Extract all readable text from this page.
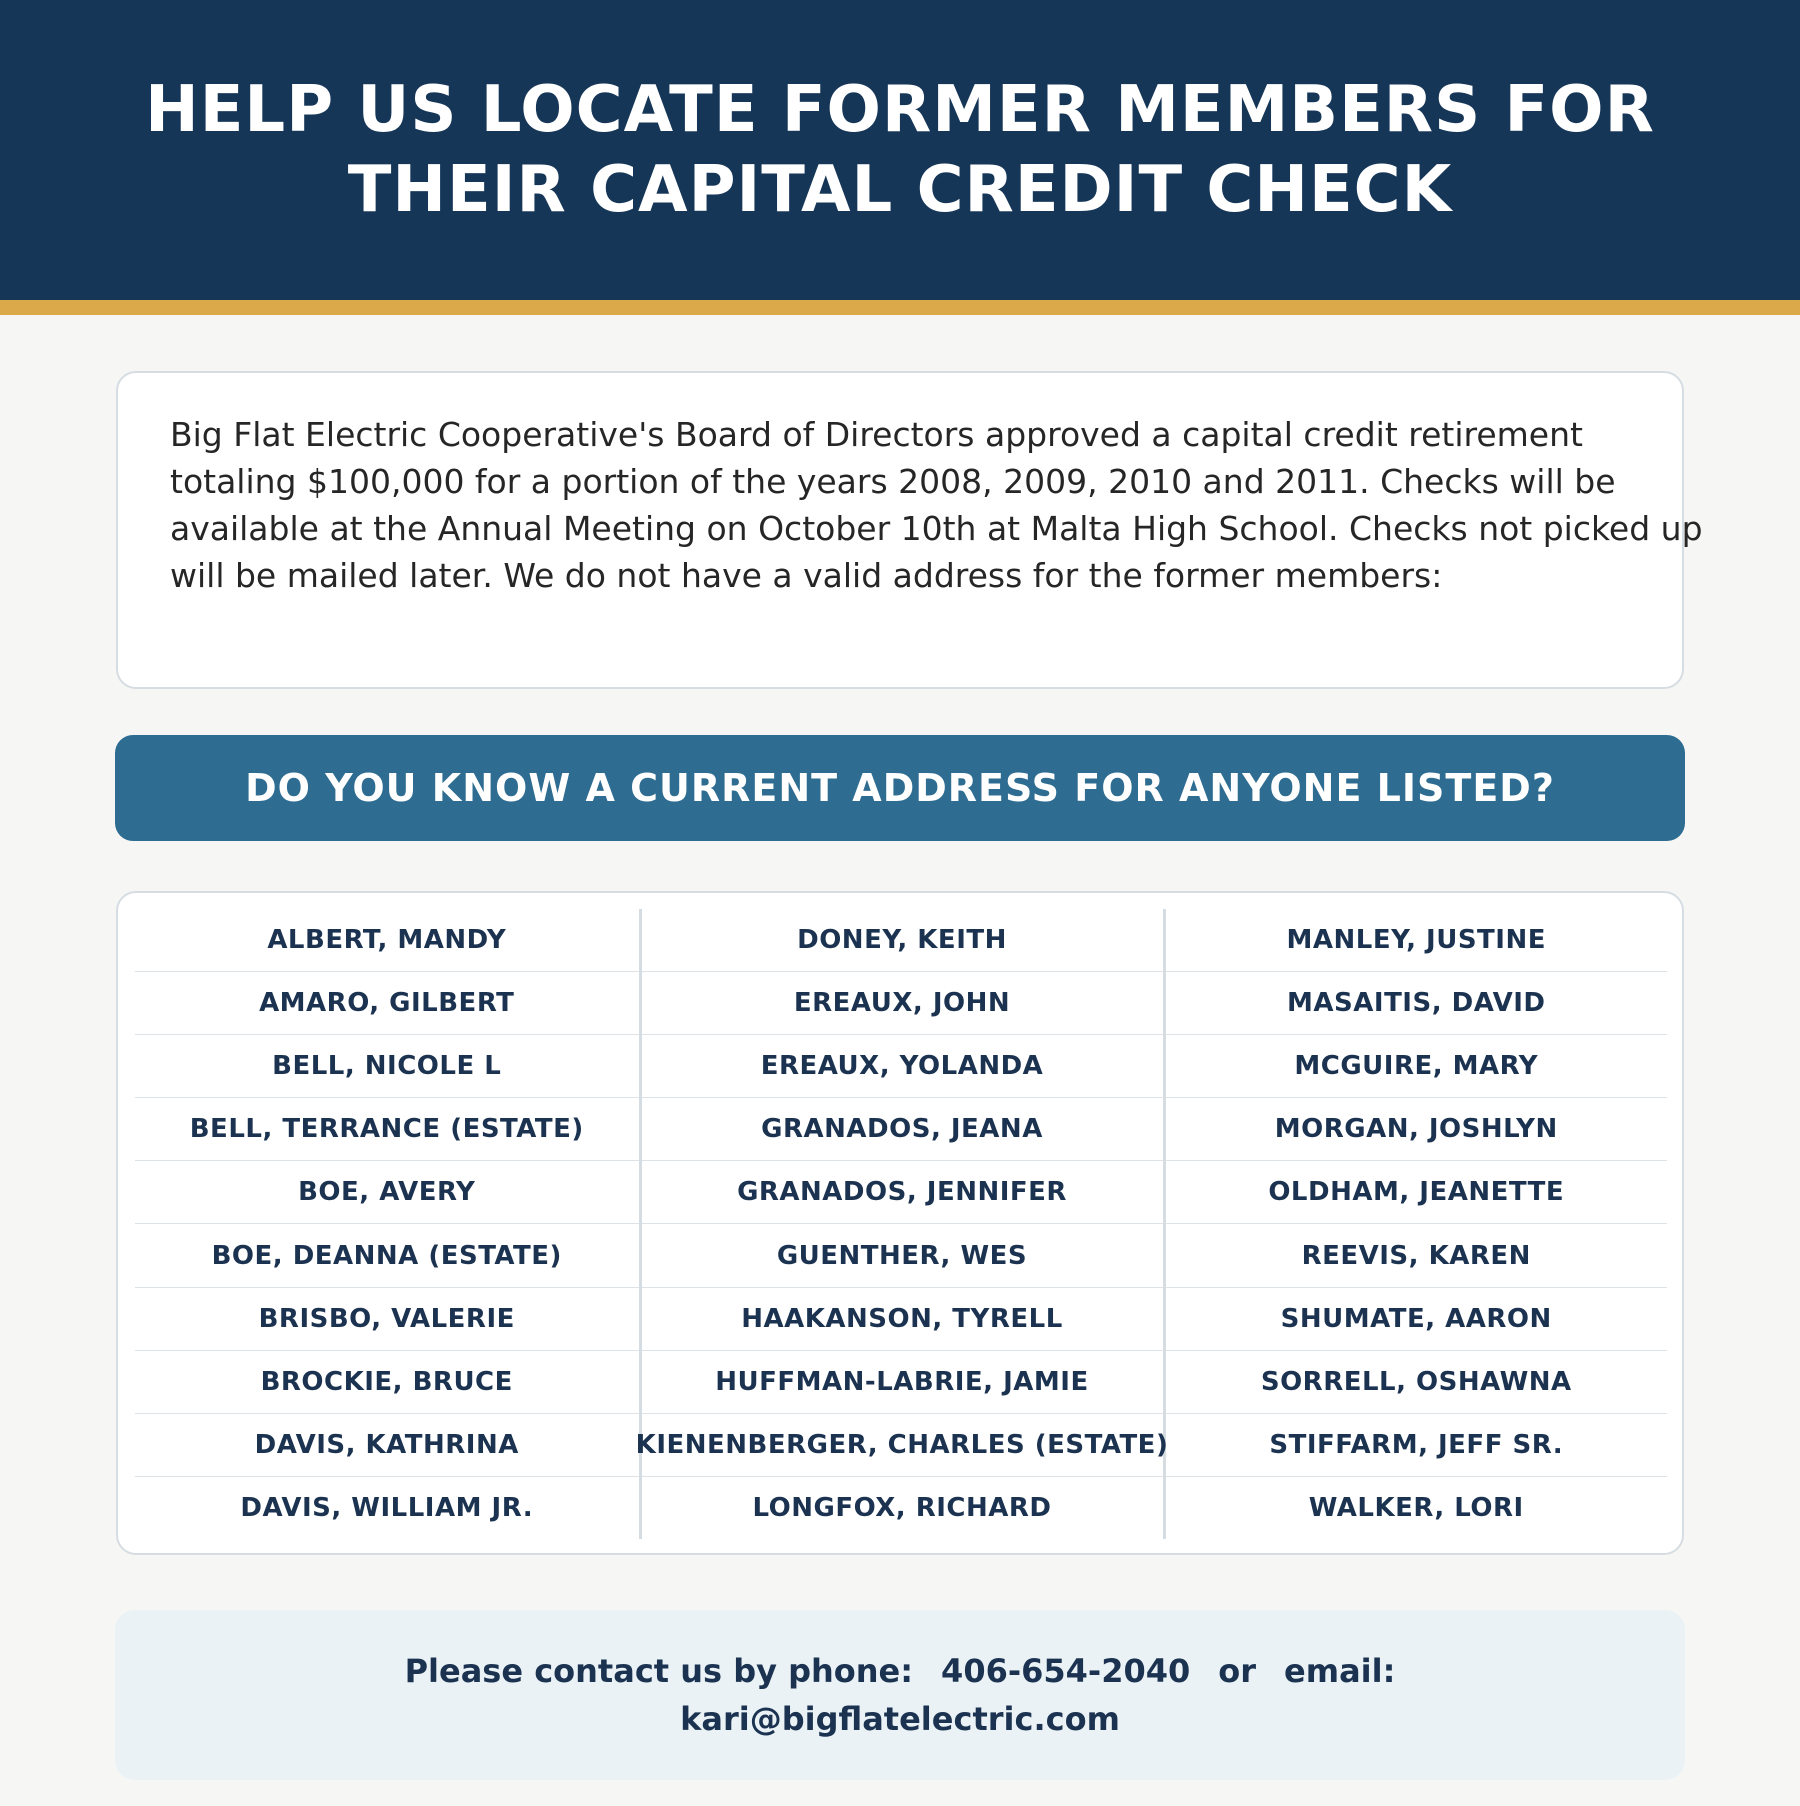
HELP US LOCATE FORMER MEMBERS FOR THEIR CAPITAL CREDIT CHECK

Big Flat Electric Cooperative's Board of Directors approved a capital credit retirement totaling $100,000 for a portion of the years 2008, 2009, 2010 and 2011. Checks will be available at the Annual Meeting on October 10th at Malta High School. Checks not picked up will be mailed later. We do not have a valid address for the former members:

DO YOU KNOW A CURRENT ADDRESS FOR ANYONE LISTED?
ALBERT, MANDY
AMARO, GILBERT
BELL, NICOLE L
BELL, TERRANCE (ESTATE)
BOE, AVERY
BOE, DEANNA (ESTATE)
BRISBO, VALERIE
BROCKIE, BRUCE
DAVIS, KATHRINA
DAVIS, WILLIAM JR.
DONEY, KEITH
EREAUX, JOHN
EREAUX, YOLANDA
GRANADOS, JEANA
GRANADOS, JENNIFER
GUENTHER, WES
HAAKANSON, TYRELL
HUFFMAN-LABRIE, JAMIE
KIENENBERGER, CHARLES (ESTATE)
LONGFOX, RICHARD
MANLEY, JUSTINE
MASAITIS, DAVID
MCGUIRE, MARY
MORGAN, JOSHLYN
OLDHAM, JEANETTE
REEVIS, KAREN
SHUMATE, AARON
SORRELL, OSHAWNA
STIFFARM, JEFF SR.
WALKER, LORI

Please contact us by phone: 406-654-2040 or email:
kari@bigflatelectric.com
